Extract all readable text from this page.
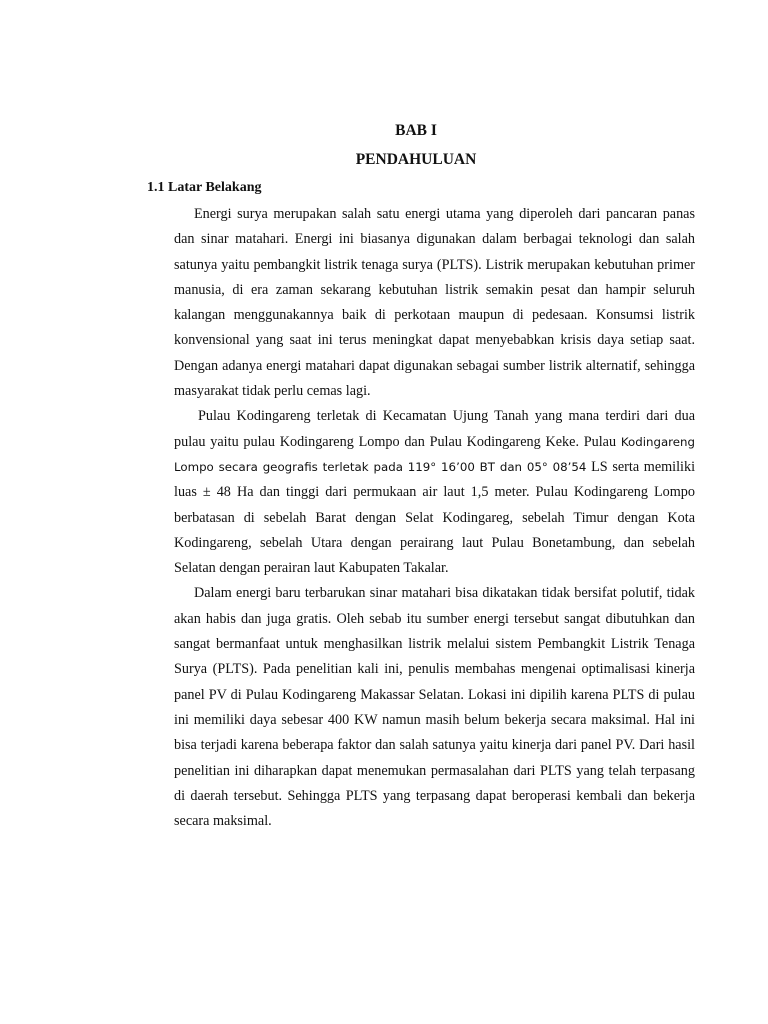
BAB I
PENDAHULUAN
1.1 Latar Belakang

Energi surya merupakan salah satu energi utama yang diperoleh dari pancaran panas dan sinar matahari. Energi ini biasanya digunakan dalam berbagai teknologi dan salah satunya yaitu pembangkit listrik tenaga surya (PLTS). Listrik merupakan kebutuhan primer manusia, di era zaman sekarang kebutuhan listrik semakin pesat dan hampir seluruh kalangan menggunakannya baik di perkotaan maupun di pedesaan. Konsumsi listrik konvensional yang saat ini terus meningkat dapat menyebabkan krisis daya setiap saat. Dengan adanya energi matahari dapat digunakan sebagai sumber listrik alternatif, sehingga masyarakat tidak perlu cemas lagi.

Pulau Kodingareng terletak di Kecamatan Ujung Tanah yang mana terdiri dari dua pulau yaitu pulau Kodingareng Lompo dan Pulau Kodingareng Keke. Pulau Kodingareng Lompo secara geografis terletak pada 119° 16’00 BT dan 05° 08’54 LS serta memiliki luas ± 48 Ha dan tinggi dari permukaan air laut 1,5 meter. Pulau Kodingareng Lompo berbatasan di sebelah Barat dengan Selat Kodingareg, sebelah Timur dengan Kota Kodingareng, sebelah Utara dengan perairang laut Pulau Bonetambung, dan sebelah Selatan dengan perairan laut Kabupaten Takalar.

Dalam energi baru terbarukan sinar matahari bisa dikatakan tidak bersifat polutif, tidak akan habis dan juga gratis. Oleh sebab itu sumber energi tersebut sangat dibutuhkan dan sangat bermanfaat untuk menghasilkan listrik melalui sistem Pembangkit Listrik Tenaga Surya (PLTS). Pada penelitian kali ini, penulis membahas mengenai optimalisasi kinerja panel PV di Pulau Kodingareng Makassar Selatan. Lokasi ini dipilih karena PLTS di pulau ini memiliki daya sebesar 400 KW namun masih belum bekerja secara maksimal. Hal ini bisa terjadi karena beberapa faktor dan salah satunya yaitu kinerja dari panel PV. Dari hasil penelitian ini diharapkan dapat menemukan permasalahan dari PLTS yang telah terpasang di daerah tersebut. Sehingga PLTS yang terpasang dapat beroperasi kembali dan bekerja secara maksimal.
